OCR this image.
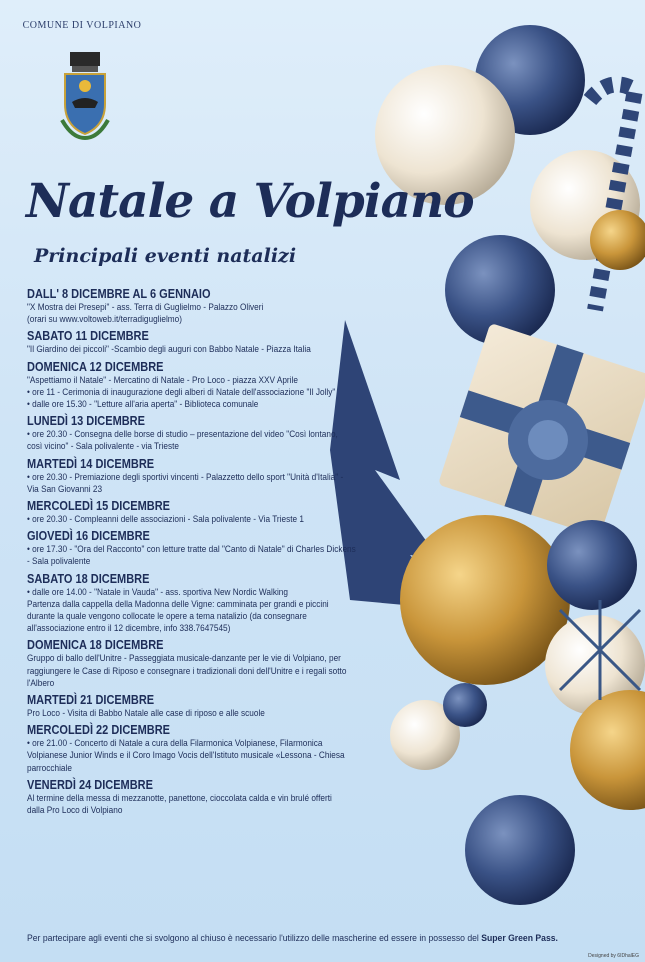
COMUNE DI VOLPIANO
Natale a Volpiano
Principali eventi natalizi
DALL' 8 DICEMBRE AL 6 GENNAIO
"X Mostra dei Presepi" - ass. Terra di Guglielmo - Palazzo Oliveri
(orari su www.voltoweb.it/terradiguglielmo)
SABATO 11 DICEMBRE
"Il Giardino dei piccoli" -Scambio degli auguri con Babbo Natale - Piazza Italia
DOMENICA 12 DICEMBRE
"Aspettiamo il Natale" - Mercatino di Natale - Pro Loco - piazza XXV Aprile
• ore 11 - Cerimonia di inaugurazione degli alberi di Natale dell'associazione "Il Jolly"
• dalle ore 15.30 - "Letture all'aria aperta" - Biblioteca comunale
LUNEDÌ 13 DICEMBRE
• ore 20.30 - Consegna delle borse di studio – presentazione del video "Così lontano,
così vicino" - Sala polivalente - via Trieste
MARTEDÌ 14 DICEMBRE
• ore 20.30 - Premiazione degli sportivi vincenti - Palazzetto dello sport "Unità d'Italia" -
Via San Giovanni 23
MERCOLEDÌ 15 DICEMBRE
• ore 20.30 - Compleanni delle associazioni - Sala polivalente - Via Trieste 1
GIOVEDÌ 16 DICEMBRE
• ore 17.30 - "Ora del Racconto" con letture tratte dal "Canto di Natale" di Charles Dickens
- Sala polivalente
SABATO 18 DICEMBRE
• dalle ore 14.00 - "Natale in Vauda" - ass. sportiva New Nordic Walking
Partenza dalla cappella della Madonna delle Vigne: camminata per grandi e piccini
durante la quale vengono collocate le opere a tema natalizio (da consegnare
all'associazione entro il 12 dicembre, info 338.7647545)
DOMENICA 18 DICEMBRE
Gruppo di ballo dell'Unitre - Passeggiata musicale-danzante per le vie di Volpiano, per
raggiungere le Case di Riposo e consegnare i tradizionali doni dell'Unitre e i regali sotto
l'Albero
MARTEDÌ 21 DICEMBRE
Pro Loco - Visita di Babbo Natale alle case di riposo e alle scuole
MERCOLEDÌ 22 DICEMBRE
• ore 21.00 - Concerto di Natale a cura della Filarmonica Volpianese, Filarmonica
Volpianese Junior Winds e il Coro Imago Vocis dell'Istituto musicale «Lessona - Chiesa
parrocchiale
VENERDÌ 24 DICEMBRE
Al termine della messa di mezzanotte, panettone, cioccolata calda e vin brulé offerti
dalla Pro Loco di Volpiano
Per partecipare agli eventi che si svolgono al chiuso è necessario l'utilizzo delle mascherine ed essere in possesso del Super Green Pass.
Designed by 6IDhalEG
